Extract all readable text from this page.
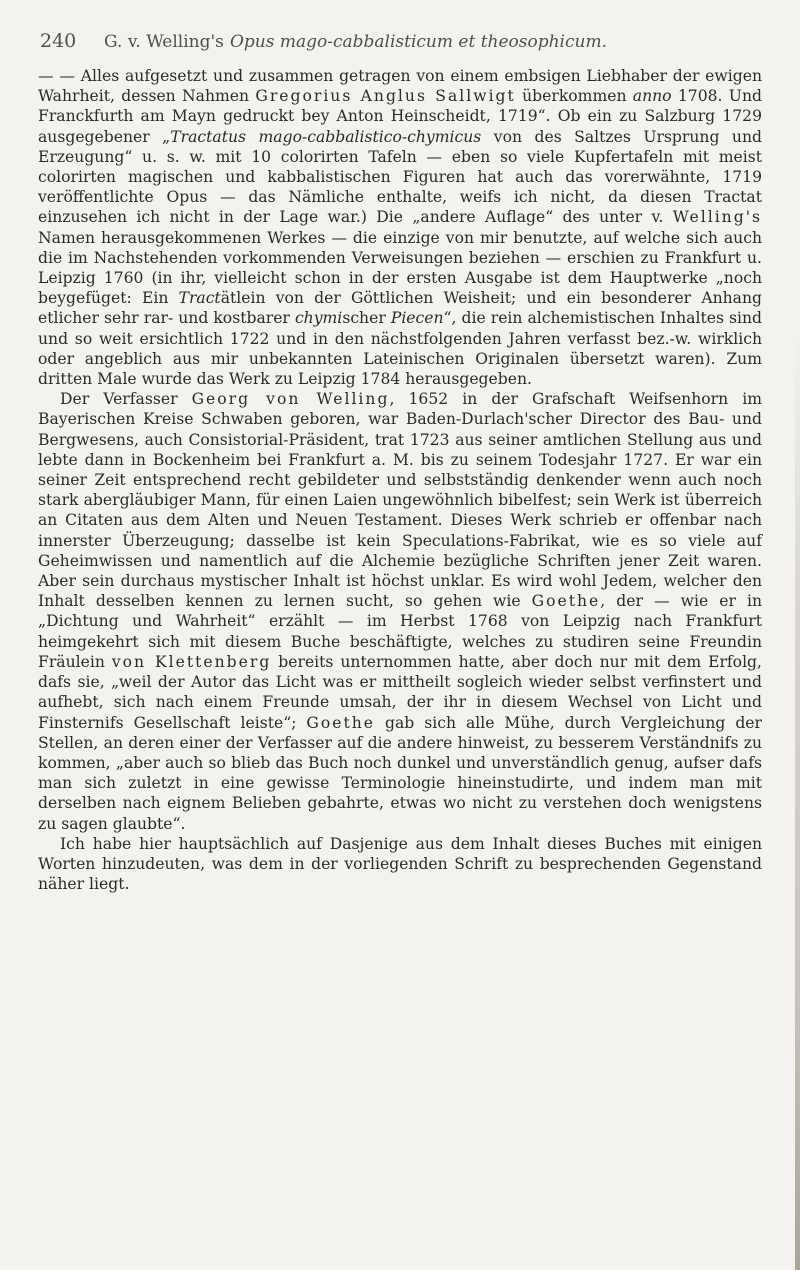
240 G. v. Welling's Opus mago-cabbalisticum et theosophicum.

— — Alles aufgesetzt und zusammen getragen von einem embsigen Liebhaber der ewigen Wahrheit, dessen Nahmen Gregorius Anglus Sallwigt überkommen anno 1708. Und Franckfurth am Mayn gedruckt bey Anton Heinscheidt, 1719“. Ob ein zu Salzburg 1729 ausgegebener „Tractatus mago-cabbalistico-chymicus von des Saltzes Ursprung und Erzeugung“ u. s. w. mit 10 colorirten Tafeln — eben so viele Kupfertafeln mit meist colorirten magischen und kabbalistischen Figuren hat auch das vorerwähnte, 1719 veröffentlichte Opus — das Nämliche enthalte, weifs ich nicht, da diesen Tractat einzusehen ich nicht in der Lage war.) Die „andere Auflage“ des unter v. Welling's Namen herausgekommenen Werkes — die einzige von mir benutzte, auf welche sich auch die im Nachstehenden vorkommenden Verweisungen beziehen — erschien zu Frankfurt u. Leipzig 1760 (in ihr, vielleicht schon in der ersten Ausgabe ist dem Hauptwerke „noch beygefüget: Ein Tractätlein von der Göttlichen Weisheit; und ein besonderer Anhang etlicher sehr rar- und kostbarer chymischer Piecen“, die rein alchemistischen Inhaltes sind und so weit ersichtlich 1722 und in den nächstfolgenden Jahren verfasst bez.-w. wirklich oder angeblich aus mir unbekannten Lateinischen Originalen übersetzt waren). Zum dritten Male wurde das Werk zu Leipzig 1784 herausgegeben.

Der Verfasser Georg von Welling, 1652 in der Grafschaft Weifsenhorn im Bayerischen Kreise Schwaben geboren, war Baden-Durlach'scher Director des Bau- und Bergwesens, auch Consistorial-Präsident, trat 1723 aus seiner amtlichen Stellung aus und lebte dann in Bockenheim bei Frankfurt a. M. bis zu seinem Todesjahr 1727. Er war ein seiner Zeit entsprechend recht gebildeter und selbstständig denkender wenn auch noch stark abergläubiger Mann, für einen Laien ungewöhnlich bibelfest; sein Werk ist überreich an Citaten aus dem Alten und Neuen Testament. Dieses Werk schrieb er offenbar nach innerster Überzeugung; dasselbe ist kein Speculations-Fabrikat, wie es so viele auf Geheimwissen und namentlich auf die Alchemie bezügliche Schriften jener Zeit waren. Aber sein durchaus mystischer Inhalt ist höchst unklar. Es wird wohl Jedem, welcher den Inhalt desselben kennen zu lernen sucht, so gehen wie Goethe, der — wie er in „Dichtung und Wahrheit“ erzählt — im Herbst 1768 von Leipzig nach Frankfurt heimgekehrt sich mit diesem Buche beschäftigte, welches zu studiren seine Freundin Fräulein von Klettenberg bereits unternommen hatte, aber doch nur mit dem Erfolg, dafs sie, „weil der Autor das Licht was er mittheilt sogleich wieder selbst verfinstert und aufhebt, sich nach einem Freunde umsah, der ihr in diesem Wechsel von Licht und Finsternifs Gesellschaft leiste“; Goethe gab sich alle Mühe, durch Vergleichung der Stellen, an deren einer der Verfasser auf die andere hinweist, zu besserem Verständnifs zu kommen, „aber auch so blieb das Buch noch dunkel und unverständlich genug, aufser dafs man sich zuletzt in eine gewisse Terminologie hineinstudirte, und indem man mit derselben nach eignem Belieben gebahrte, etwas wo nicht zu verstehen doch wenigstens zu sagen glaubte“.

Ich habe hier hauptsächlich auf Dasjenige aus dem Inhalt dieses Buches mit einigen Worten hinzudeuten, was dem in der vorliegenden Schrift zu besprechenden Gegenstand näher liegt.
